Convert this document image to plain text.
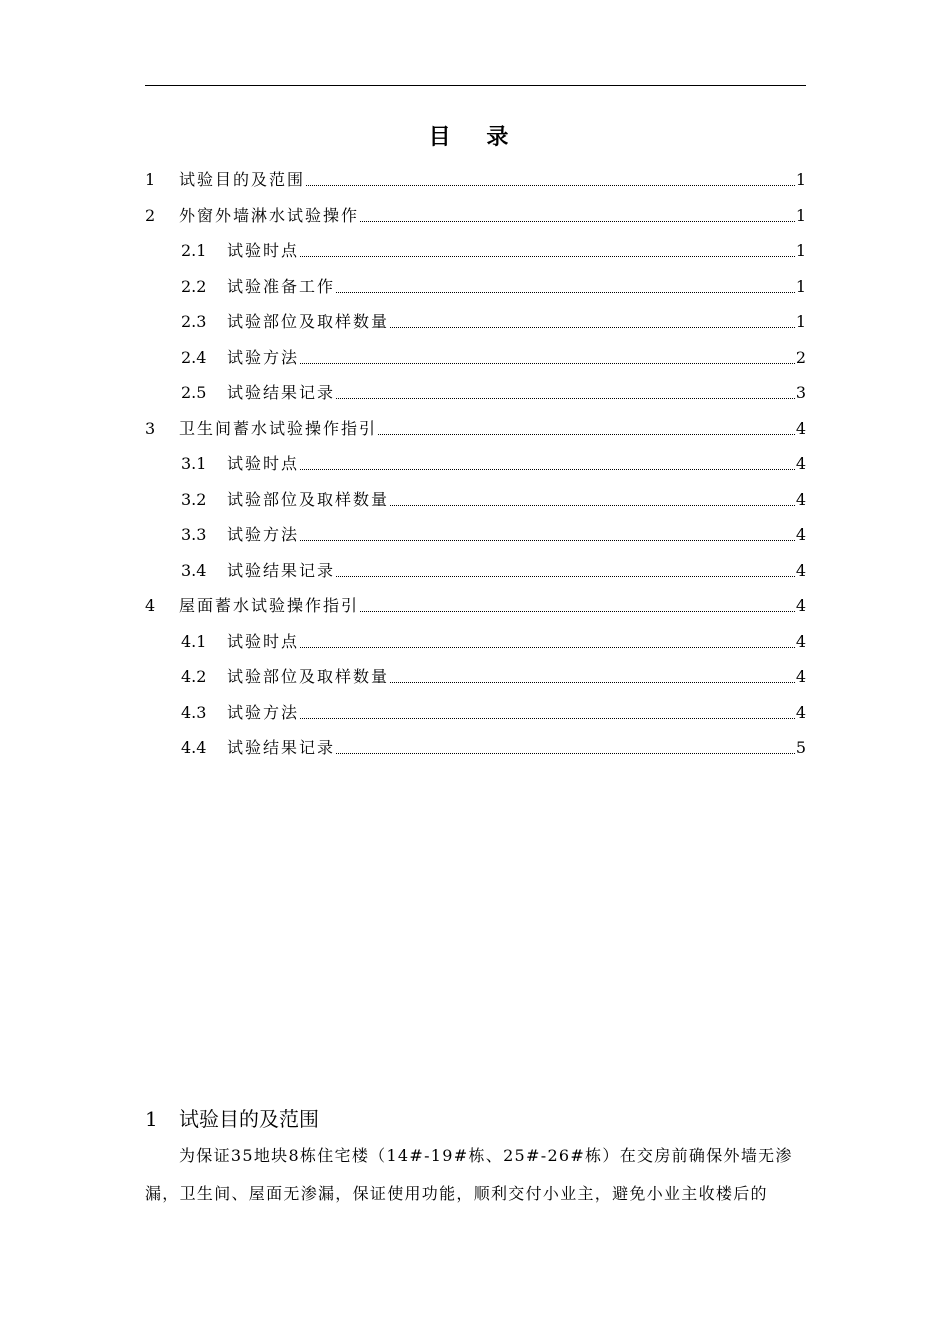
目 录
1	试验目的及范围	1
2	外窗外墙淋水试验操作	1
2.1	试验时点	1
2.2	试验准备工作	1
2.3	试验部位及取样数量	1
2.4	试验方法	2
2.5	试验结果记录	3
3	卫生间蓄水试验操作指引	4
3.1	试验时点	4
3.2	试验部位及取样数量	4
3.3	试验方法	4
3.4	试验结果记录	4
4	屋面蓄水试验操作指引	4
4.1	试验时点	4
4.2	试验部位及取样数量	4
4.3	试验方法	4
4.4	试验结果记录	5
1 试验目的及范围
为保证35地块8栋住宅楼（14#-19#栋、25#-26#栋）在交房前确保外墙无渗
漏，卫生间、屋面无渗漏，保证使用功能，顺利交付小业主，避免小业主收楼后的
